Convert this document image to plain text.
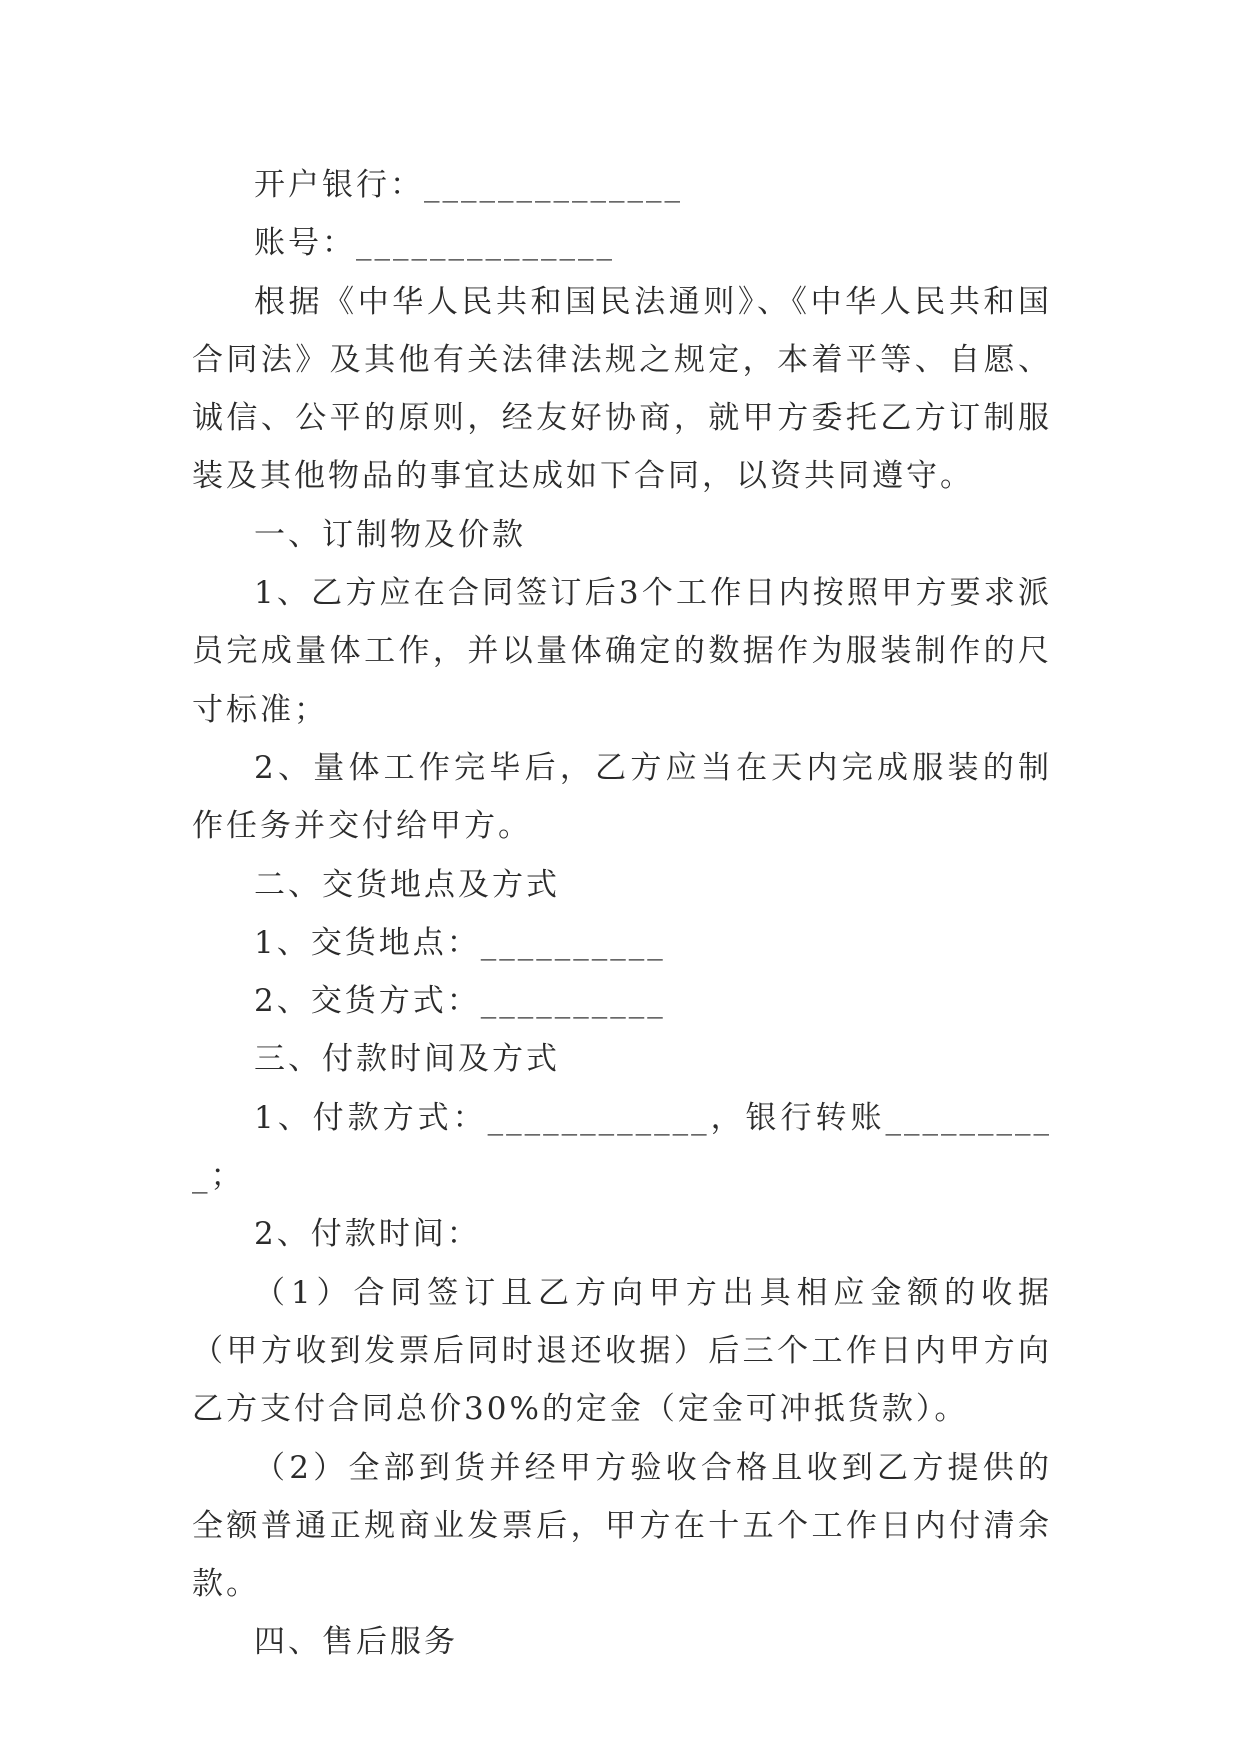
开户银行：______________

账号：______________

根据《中华人民共和国民法通则》、《中华人民共和国合同法》及其他有关法律法规之规定，本着平等、自愿、诚信、公平的原则，经友好协商，就甲方委托乙方订制服装及其他物品的事宜达成如下合同，以资共同遵守。

一、订制物及价款

1、乙方应在合同签订后3个工作日内按照甲方要求派员完成量体工作，并以量体确定的数据作为服装制作的尺寸标准；

2、量体工作完毕后，乙方应当在天内完成服装的制作任务并交付给甲方。

二、交货地点及方式

1、交货地点：__________

2、交货方式：__________

三、付款时间及方式

1、付款方式：____________，银行转账__________；

2、付款时间：

（1）合同签订且乙方向甲方出具相应金额的收据（甲方收到发票后同时退还收据）后三个工作日内甲方向乙方支付合同总价30%的定金（定金可冲抵货款）。

（2）全部到货并经甲方验收合格且收到乙方提供的全额普通正规商业发票后，甲方在十五个工作日内付清余款。

四、售后服务
